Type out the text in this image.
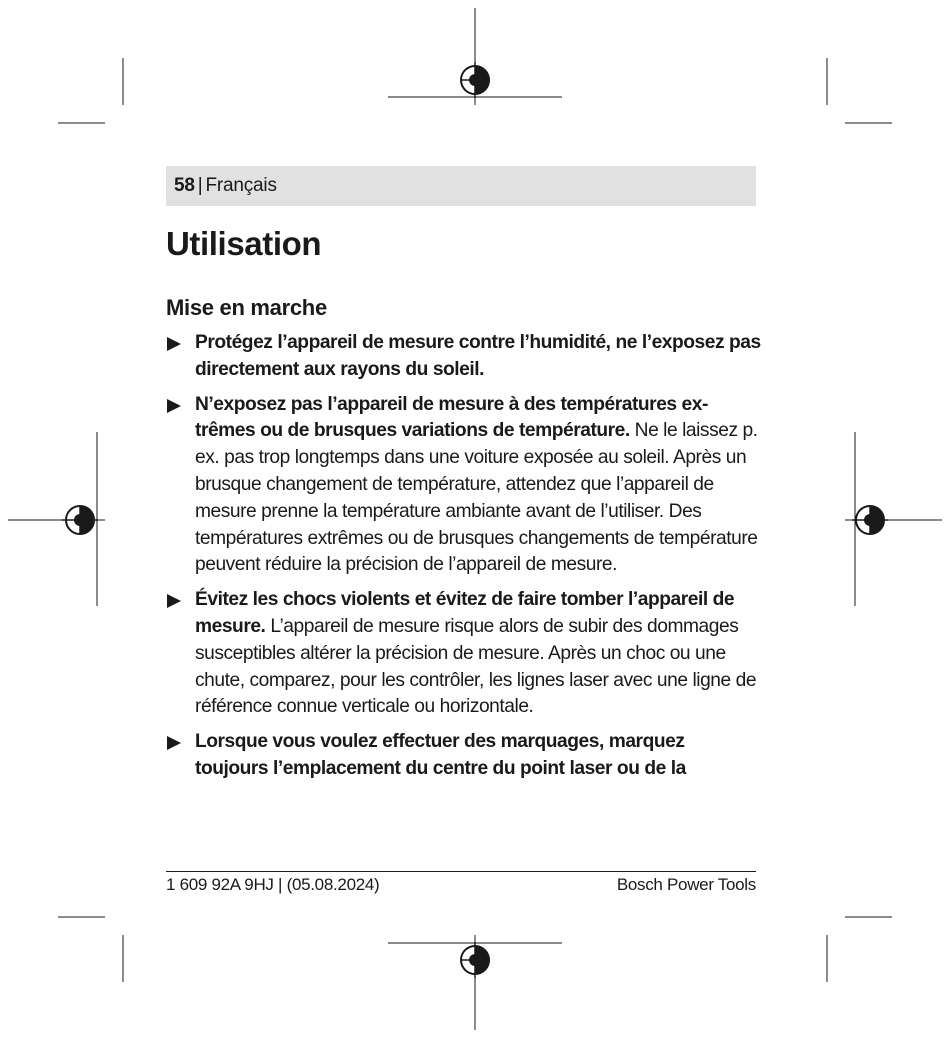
58 | Français
Utilisation
Mise en marche
Protégez l’appareil de mesure contre l’humidité, ne l’exposez pas directement aux rayons du soleil.
N’exposez pas l’appareil de mesure à des températures extrêmes ou de brusques variations de température. Ne le laissez p. ex. pas trop longtemps dans une voiture exposée au soleil. Après un brusque changement de température, attendez que l’appareil de mesure prenne la température ambiante avant de l’utiliser. Des températures extrêmes ou de brusques changements de température peuvent réduire la précision de l’appareil de mesure.
Évitez les chocs violents et évitez de faire tomber l’appareil de mesure. L’appareil de mesure risque alors de subir des dommages susceptibles altérer la précision de mesure. Après un choc ou une chute, comparez, pour les contrôler, les lignes laser avec une ligne de référence connue verticale ou horizontale.
Lorsque vous voulez effectuer des marquages, marquez toujours l’emplacement du centre du point laser ou de la
1 609 92A 9HJ | (05.08.2024)	Bosch Power Tools
